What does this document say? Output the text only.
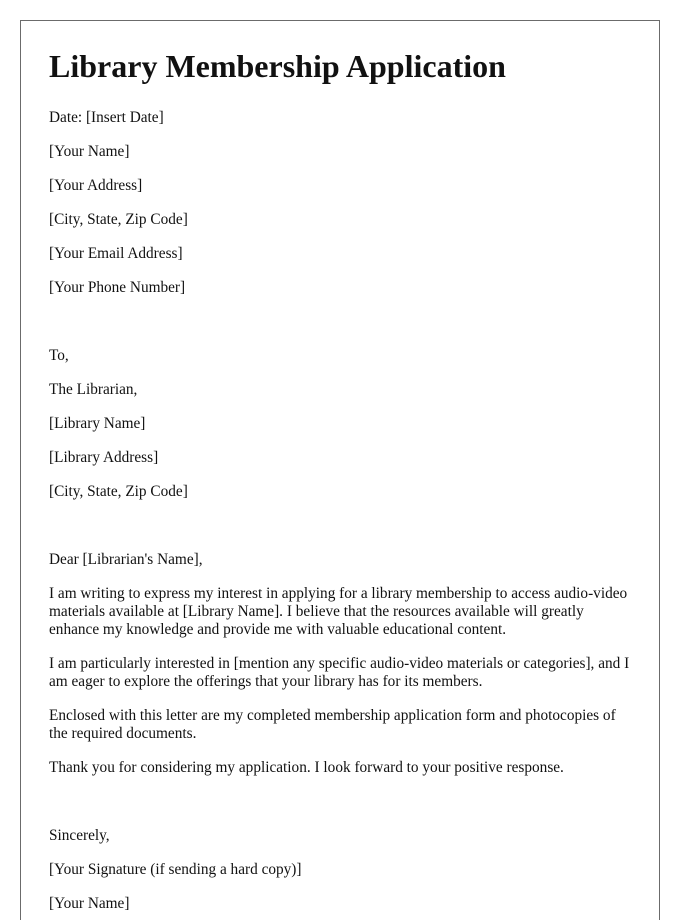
Library Membership Application

Date: [Insert Date]

[Your Name]

[Your Address]

[City, State, Zip Code]

[Your Email Address]

[Your Phone Number]

To,

The Librarian,

[Library Name]

[Library Address]

[City, State, Zip Code]

Dear [Librarian's Name],

I am writing to express my interest in applying for a library membership to access audio-video materials available at [Library Name]. I believe that the resources available will greatly enhance my knowledge and provide me with valuable educational content.

I am particularly interested in [mention any specific audio-video materials or categories], and I am eager to explore the offerings that your library has for its members.

Enclosed with this letter are my completed membership application form and photocopies of the required documents.

Thank you for considering my application. I look forward to your positive response.

Sincerely,

[Your Signature (if sending a hard copy)]

[Your Name]
